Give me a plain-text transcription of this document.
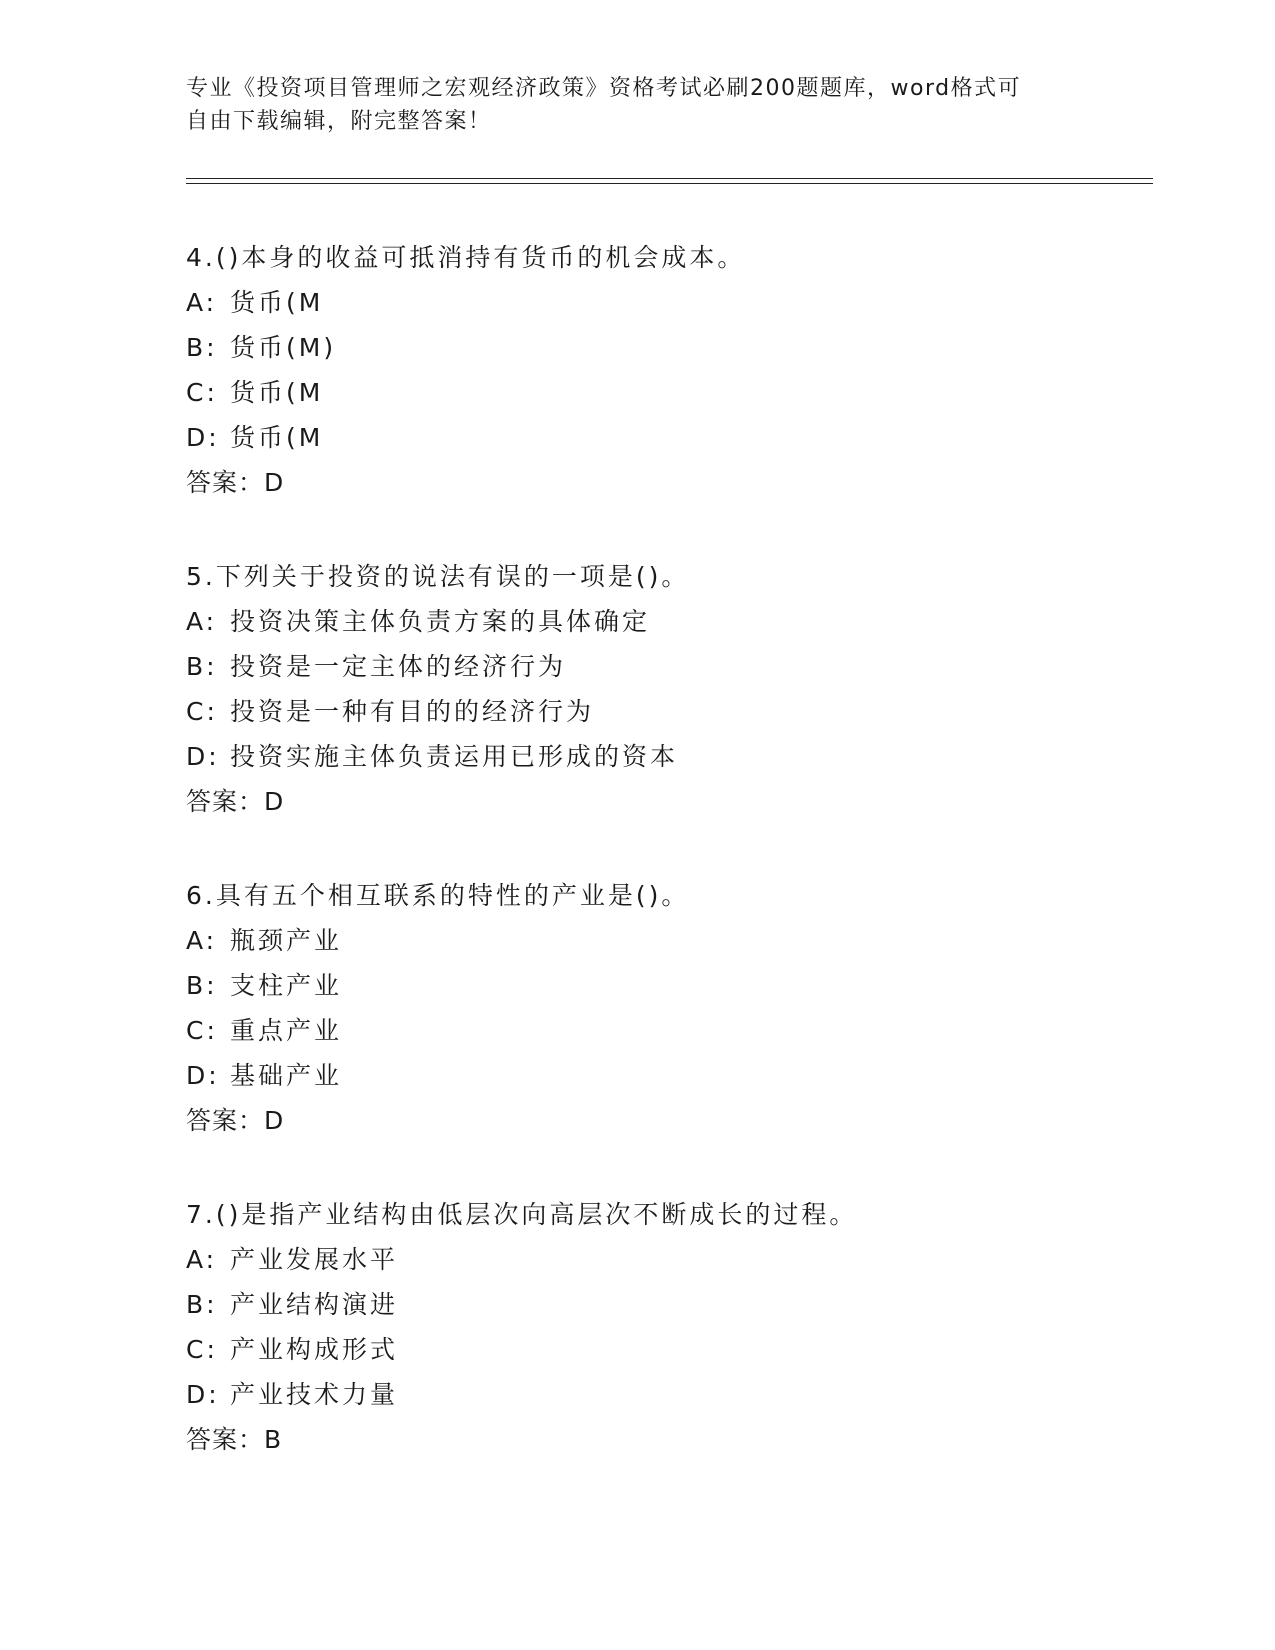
专业《投资项目管理师之宏观经济政策》资格考试必刷200题题库，word格式可
自由下载编辑，附完整答案！
4.()本身的收益可抵消持有货币的机会成本。
A: 货币(M
B: 货币(M)
C: 货币(M
D: 货币(M
答案：D
5.下列关于投资的说法有误的一项是()。
A: 投资决策主体负责方案的具体确定
B: 投资是一定主体的经济行为
C: 投资是一种有目的的经济行为
D: 投资实施主体负责运用已形成的资本
答案：D
6.具有五个相互联系的特性的产业是()。
A: 瓶颈产业
B: 支柱产业
C: 重点产业
D: 基础产业
答案：D
7.()是指产业结构由低层次向高层次不断成长的过程。
A: 产业发展水平
B: 产业结构演进
C: 产业构成形式
D: 产业技术力量
答案：B
